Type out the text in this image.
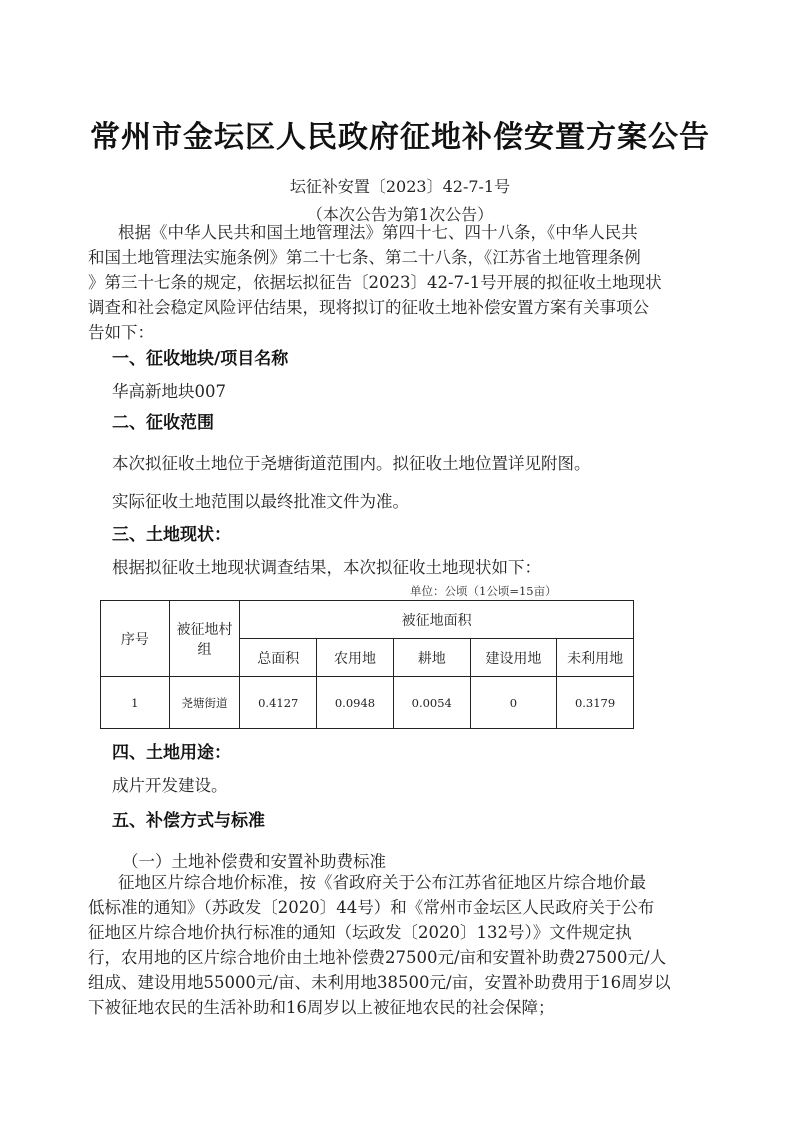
常州市金坛区人民政府征地补偿安置方案公告
坛征补安置〔2023〕42-7-1号
（本次公告为第1次公告）
根据《中华人民共和国土地管理法》第四十七、四十八条，《中华人民共
和国土地管理法实施条例》第二十七条、第二十八条，《江苏省土地管理条例
》第三十七条的规定，依据坛拟征告〔2023〕42-7-1号开展的拟征收土地现状
调查和社会稳定风险评估结果，现将拟订的征收土地补偿安置方案有关事项公
告如下：
一、征收地块/项目名称
华高新地块007
二、征收范围
本次拟征收土地位于尧塘街道范围内。拟征收土地位置详见附图。
实际征收土地范围以最终批准文件为准。
三、土地现状：
根据拟征收土地现状调查结果，本次拟征收土地现状如下：
单位：公顷（1公顷=15亩）
序号	被征地村组	被征地面积				
		总面积	农用地	耕地	建设用地	未利用地
1	尧塘街道	0.4127	0.0948	0.0054	0	0.3179
四、土地用途：
成片开发建设。
五、补偿方式与标准
（一）土地补偿费和安置补助费标准
征地区片综合地价标准，按《省政府关于公布江苏省征地区片综合地价最
低标准的通知》（苏政发〔2020〕44号）和《常州市金坛区人民政府关于公布
征地区片综合地价执行标准的通知（坛政发〔2020〕132号）》文件规定执
行，农用地的区片综合地价由土地补偿费27500元/亩和安置补助费27500元/人
组成、建设用地55000元/亩、未利用地38500元/亩，安置补助费用于16周岁以
下被征地农民的生活补助和16周岁以上被征地农民的社会保障；
